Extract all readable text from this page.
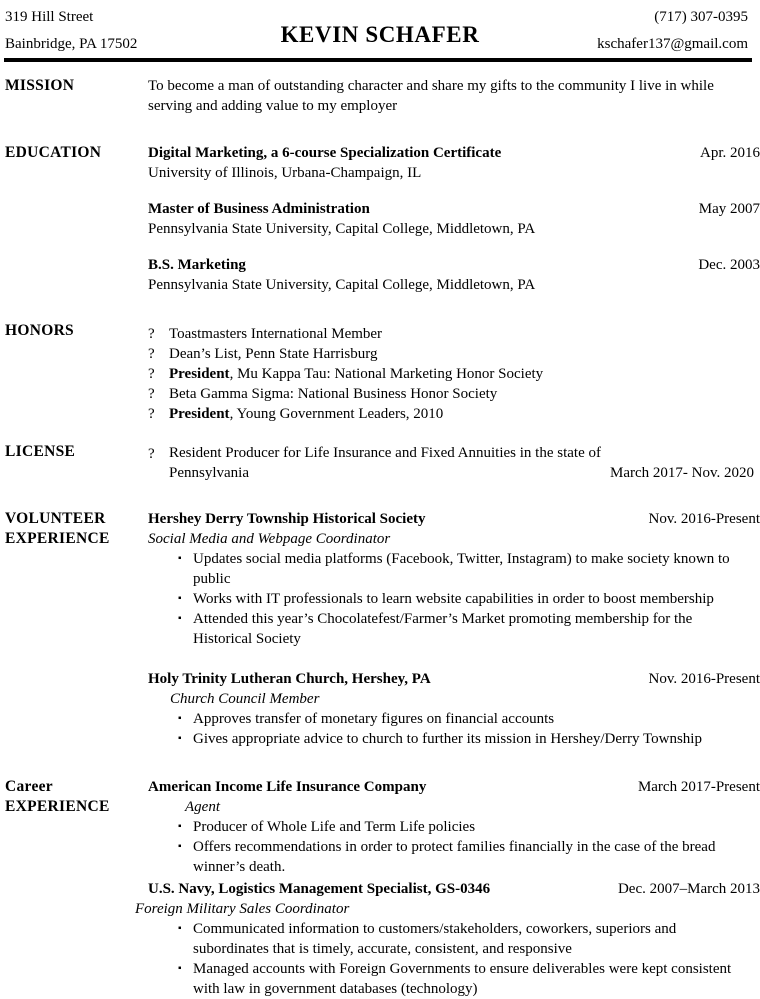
319 Hill Street
Bainbridge, PA 17502	KEVIN SCHAFER
(717) 307-0395
kschafer137@gmail.com
MISSION	To become a man of outstanding character and share my gifts to the community I live in while serving and adding value to my employer
EDUCATION	Digital Marketing, a 6-course Specialization Certificate	Apr. 2016
University of Illinois, Urbana-Champaign, IL
Master of Business Administration	May 2007
Pennsylvania State University, Capital College, Middletown, PA
B.S. Marketing	Dec. 2003
Pennsylvania State University, Capital College, Middletown, PA
HONORS	? Toastmasters International Member
? Dean’s List, Penn State Harrisburg
? President, Mu Kappa Tau: National Marketing Honor Society
? Beta Gamma Sigma: National Business Honor Society
? President, Young Government Leaders, 2010
LICENSE	? Resident Producer for Life Insurance and Fixed Annuities in the state of
Pennsylvania	March 2017- Nov. 2020
VOLUNTEER
EXPERIENCE
Hershey Derry Township Historical Society	Nov. 2016-Present
Social Media and Webpage Coordinator
▪ Updates social media platforms (Facebook, Twitter, Instagram) to make society known to public
▪ Works with IT professionals to learn website capabilities in order to boost membership
▪ Attended this year’s Chocolatefest/Farmer’s Market promoting membership for the Historical Society
Holy Trinity Lutheran Church, Hershey, PA	Nov. 2016-Present
Church Council Member
▪ Approves transfer of monetary figures on financial accounts
▪ Gives appropriate advice to church to further its mission in Hershey/Derry Township
Career
EXPERIENCE
American Income Life Insurance Company	March 2017-Present
Agent
▪ Producer of Whole Life and Term Life policies
▪ Offers recommendations in order to protect families financially in the case of the bread winner’s death.
U.S. Navy, Logistics Management Specialist, GS-0346	Dec. 2007–March 2013
Foreign Military Sales Coordinator
▪ Communicated information to customers/stakeholders, coworkers, superiors and subordinates that is timely, accurate, consistent, and responsive
▪ Managed accounts with Foreign Governments to ensure deliverables were kept consistent with law in government databases (technology)
